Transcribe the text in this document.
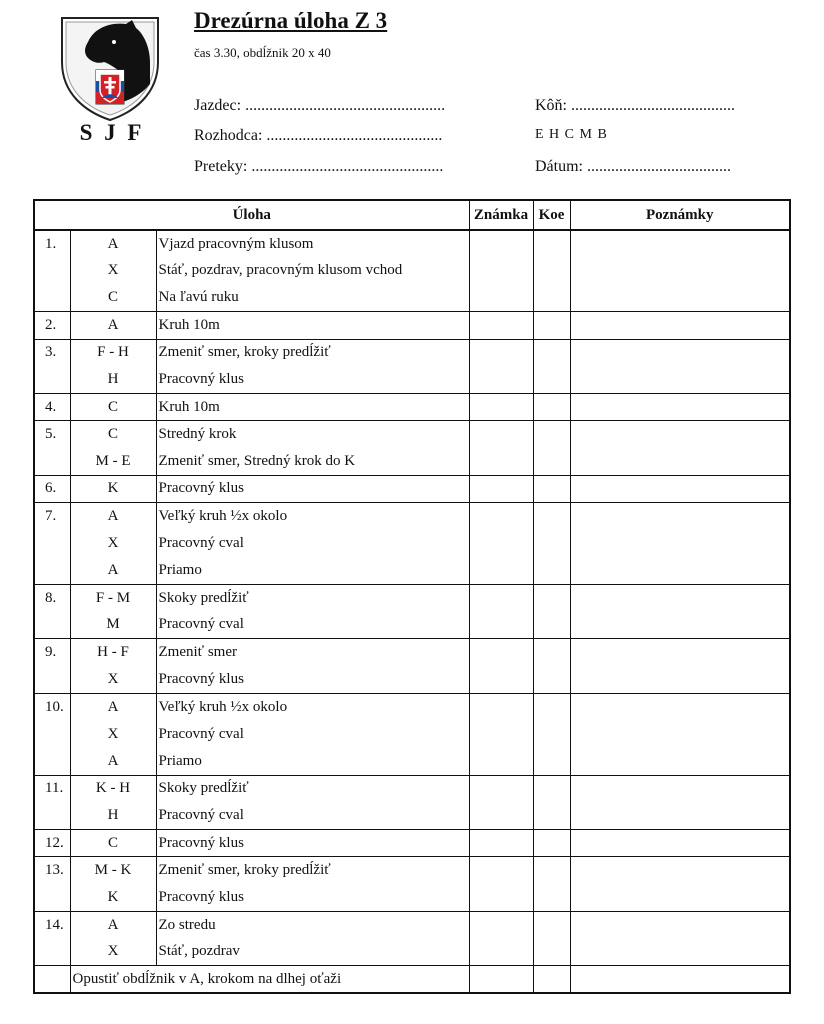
S J F
Drezúrna úloha Z 3
čas 3.30, obdĺžnik 20 x 40
Jazdec: ..................................................
Rozhodca: ............................................
Preteky: ................................................
Kôň: .........................................
E H C M B
Dátum: ....................................
Úloha			Známka	Koe	Poznámky
1.	A	Vjazd pracovným klusom			
	X	Stáť, pozdrav, pracovným klusom vchod			
	C	Na ľavú ruku			
2.	A	Kruh 10m			
3.	F - H	Zmeniť smer, kroky predĺžiť			
	H	Pracovný klus			
4.	C	Kruh 10m			
5.	C	Stredný krok			
	M - E	Zmeniť smer, Stredný krok do K			
6.	K	Pracovný klus			
7.	A	Veľký kruh ½x okolo			
	X	Pracovný cval			
	A	Priamo			
8.	F - M	Skoky predĺžiť			
	M	Pracovný cval			
9.	H - F	Zmeniť smer			
	X	Pracovný klus			
10.	A	Veľký kruh ½x okolo			
	X	Pracovný cval			
	A	Priamo			
11.	K - H	Skoky predĺžiť			
	H	Pracovný cval			
12.	C	Pracovný klus			
13.	M - K	Zmeniť smer, kroky predĺžiť			
	K	Pracovný klus			
14.	A	Zo stredu			
	X	Stáť, pozdrav			
	Opustiť obdĺžnik v A, krokom na dlhej oťaži				
